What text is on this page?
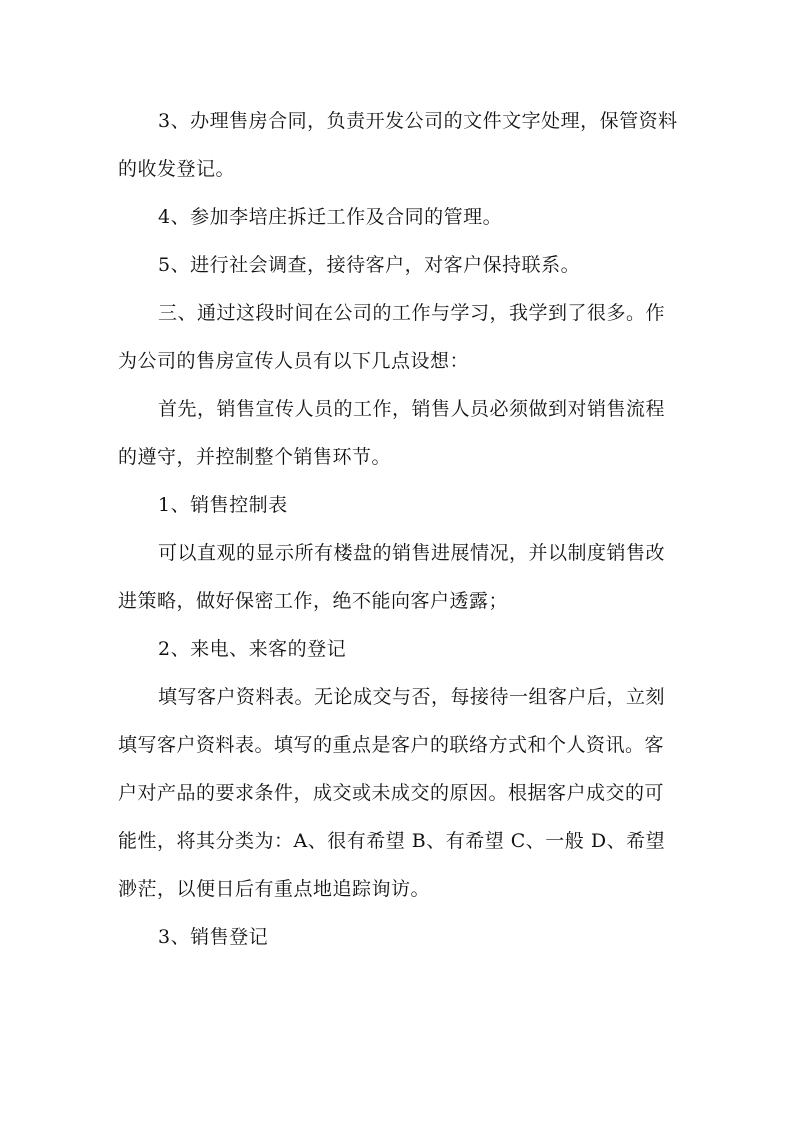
3、办理售房合同，负责开发公司的文件文字处理，保管资料的收发登记。

4、参加李培庄拆迁工作及合同的管理。

5、进行社会调查，接待客户，对客户保持联系。

三、通过这段时间在公司的工作与学习，我学到了很多。作为公司的售房宣传人员有以下几点设想：

首先，销售宣传人员的工作，销售人员必须做到对销售流程的遵守，并控制整个销售环节。

1、销售控制表

可以直观的显示所有楼盘的销售进展情况，并以制度销售改进策略，做好保密工作，绝不能向客户透露；

2、来电、来客的登记

填写客户资料表。无论成交与否，每接待一组客户后，立刻填写客户资料表。填写的重点是客户的联络方式和个人资讯。客户对产品的要求条件，成交或未成交的原因。根据客户成交的可能性，将其分类为：A、很有希望 B、有希望 C、一般 D、希望渺茫，以便日后有重点地追踪询访。

3、销售登记
